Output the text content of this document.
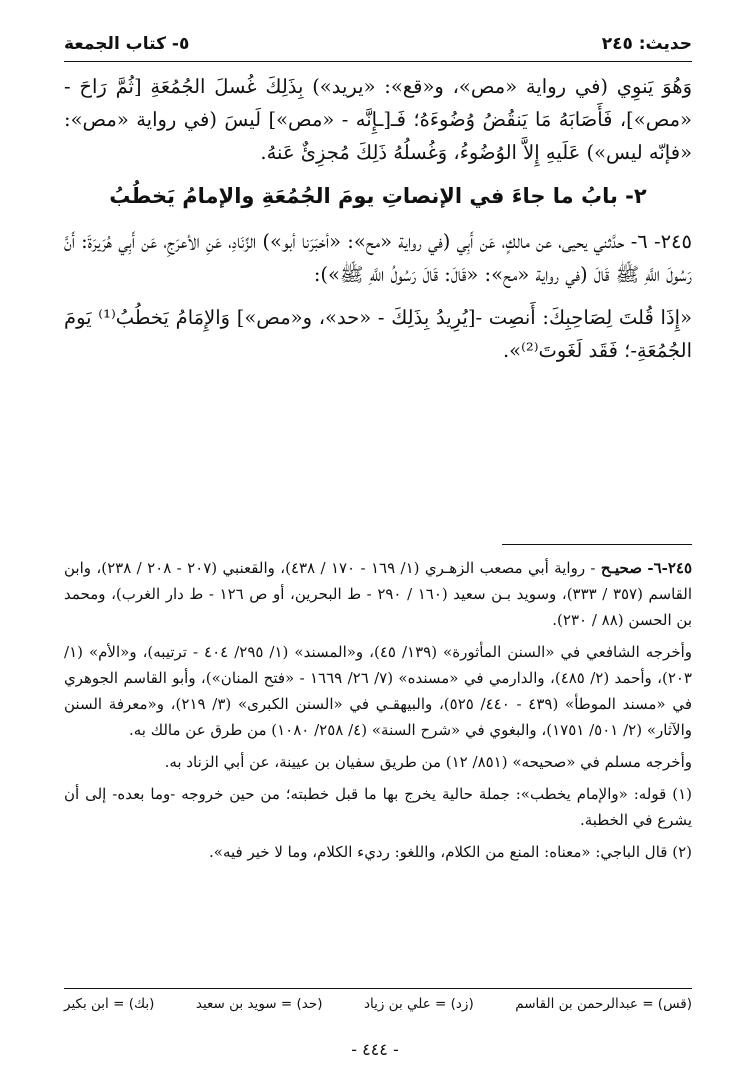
حديث: ٢٤٥
٥- كتاب الجمعة

وَهُوَ يَنوِي (في رواية «مص»، و«قع»: «يريد») بِذَلِكَ غُسلَ الجُمُعَةِ [ثُمَّ رَاحَ - «مص»]، فَأَصَابَهُ مَا يَنقُضُ وُضُوءَهُ؛ فَـ[ـإِنَّه - «مص»] لَيسَ (في رواية «مص»: «فإنّه ليس») عَلَيهِ إِلاَّ الوُضُوءُ، وَغُسلُهُ ذَلِكَ مُجزِئٌ عَنهُ.

٢- بابُ ما جاءَ في الإنصاتِ يومَ الجُمُعَةِ والإمامُ يَخطُبُ

٢٤٥- ٦- حدَّثني يحيى، عن مالكٍ، عَن أَبِي (في رواية «مح»: «أخبَرَنا أبو») الزِّنَادِ، عَنِ الأعرَجِ، عَن أَبِي هُرَيرَةَ: أَنَّ رَسُولَ اللَّهِ ﷺ قَالَ (في رواية «مح»: «قَالَ: قَالَ رَسُولُ اللَّهِ ﷺ»):

«إِذَا قُلتَ لِصَاحِبِكَ: أَنصِت -[يُرِيدُ بِذَلِكَ - «حد»، و«مص»] وَالإِمَامُ يَخطُبُ⁽¹⁾ يَومَ الجُمُعَةِ-؛ فَقَد لَغَوتَ⁽²⁾».

٢٤٥-٦- صحيـح - رواية أبي مصعب الزهـري (١/ ١٦٩ - ١٧٠ / ٤٣٨)، والقعنبي (٢٠٧ - ٢٠٨ / ٢٣٨)، وابن القاسم (٣٥٧ / ٣٣٣)، وسويد بـن سعيد (١٦٠ / ٢٩٠ - ط البحرين، أو ص ١٢٦ - ط دار الغرب)، ومحمد بن الحسن (٨٨ / ٢٣٠).

وأخرجه الشافعي في «السنن المأثورة» (١٣٩/ ٤٥)، و«المسند» (١/ ٢٩٥/ ٤٠٤ - ترتيبه)، و«الأم» (١/ ٢٠٣)، وأحمد (٢/ ٤٨٥)، والدارمي في «مسنده» (٧/ ٢٦/ ١٦٦٩ - «فتح المنان»)، وأبو القاسم الجوهري في «مسند الموطأ» (٤٣٩ - ٤٤٠/ ٥٢٥)، والبيهقـي في «السنن الكبرى» (٣/ ٢١٩)، و«معرفة السنن والآثار» (٢/ ٥٠١/ ١٧٥١)، والبغوي في «شرح السنة» (٤/ ٢٥٨/ ١٠٨٠) من طرق عن مالك به.

وأخرجه مسلم في «صحيحه» (٨٥١/ ١٢) من طريق سفيان بن عيينة، عن أبي الزناد به.

(١) قوله: «والإمام يخطب»: جملة حالية يخرج بها ما قبل خطبته؛ من حين خروجه -وما بعده- إلى أن يشرع في الخطبة.

(٢) قال الباجي: «معناه: المنع من الكلام، واللغو: رديء الكلام، وما لا خير فيه».

(قس) = عبدالرحمن بن القاسم
(زد) = علي بن زياد
(حد) = سويد بن سعيد
(بك) = ابن بكير
- ٤٤٤ -
